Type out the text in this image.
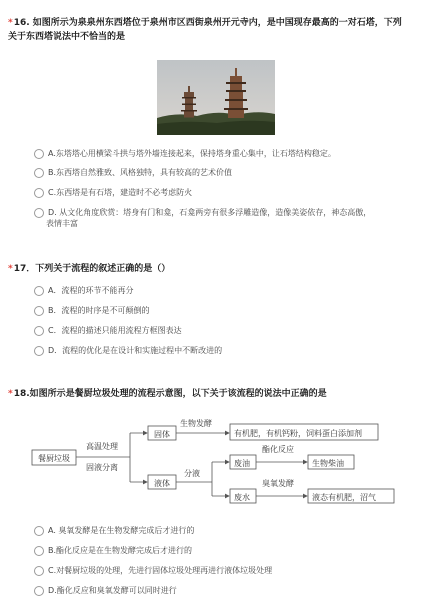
*16. 如图所示为泉泉州东西塔位于泉州市区西街泉州开元寺内，是中国现存最高的一对石塔，下列
关于东西塔说法中不恰当的是
A.东塔塔心用横梁斗拱与塔外墙连接起来，保持塔身重心集中，让石塔结构稳定。
B.东西塔自然雅致、风格独特，具有较高的艺术价值
C.东西塔是有石塔，建造时不必考虑防火
D. 从文化角度欣赏：塔身有门和龛，石龛两旁有很多浮雕造像，造像美姿依存，神态高傲，
表情丰富
*17．下列关于流程的叙述正确的是（）
A．流程的环节不能再分
B．流程的时序是不可颠倒的
C．流程的描述只能用流程方框图表达
D．流程的优化是在设计和实施过程中不断改进的
*18.如图所示是餐厨垃圾处理的流程示意图，以下关于该流程的说法中正确的是
餐厨垃圾
高温处理
固液分离
固体
生物发酵
有机肥，有机钙粉，饲料蛋白添加剂
液体
分液
废油
酯化反应
生物柴油
废水
臭氧发酵
液态有机肥，沼气
A. 臭氧发酵是在生物发酵完成后才进行的
B.酯化反应是在生物发酵完成后才进行的
C.对餐厨垃圾的处理，先进行固体垃圾处理再进行液体垃圾处理
D.酯化反应和臭氧发酵可以同时进行
